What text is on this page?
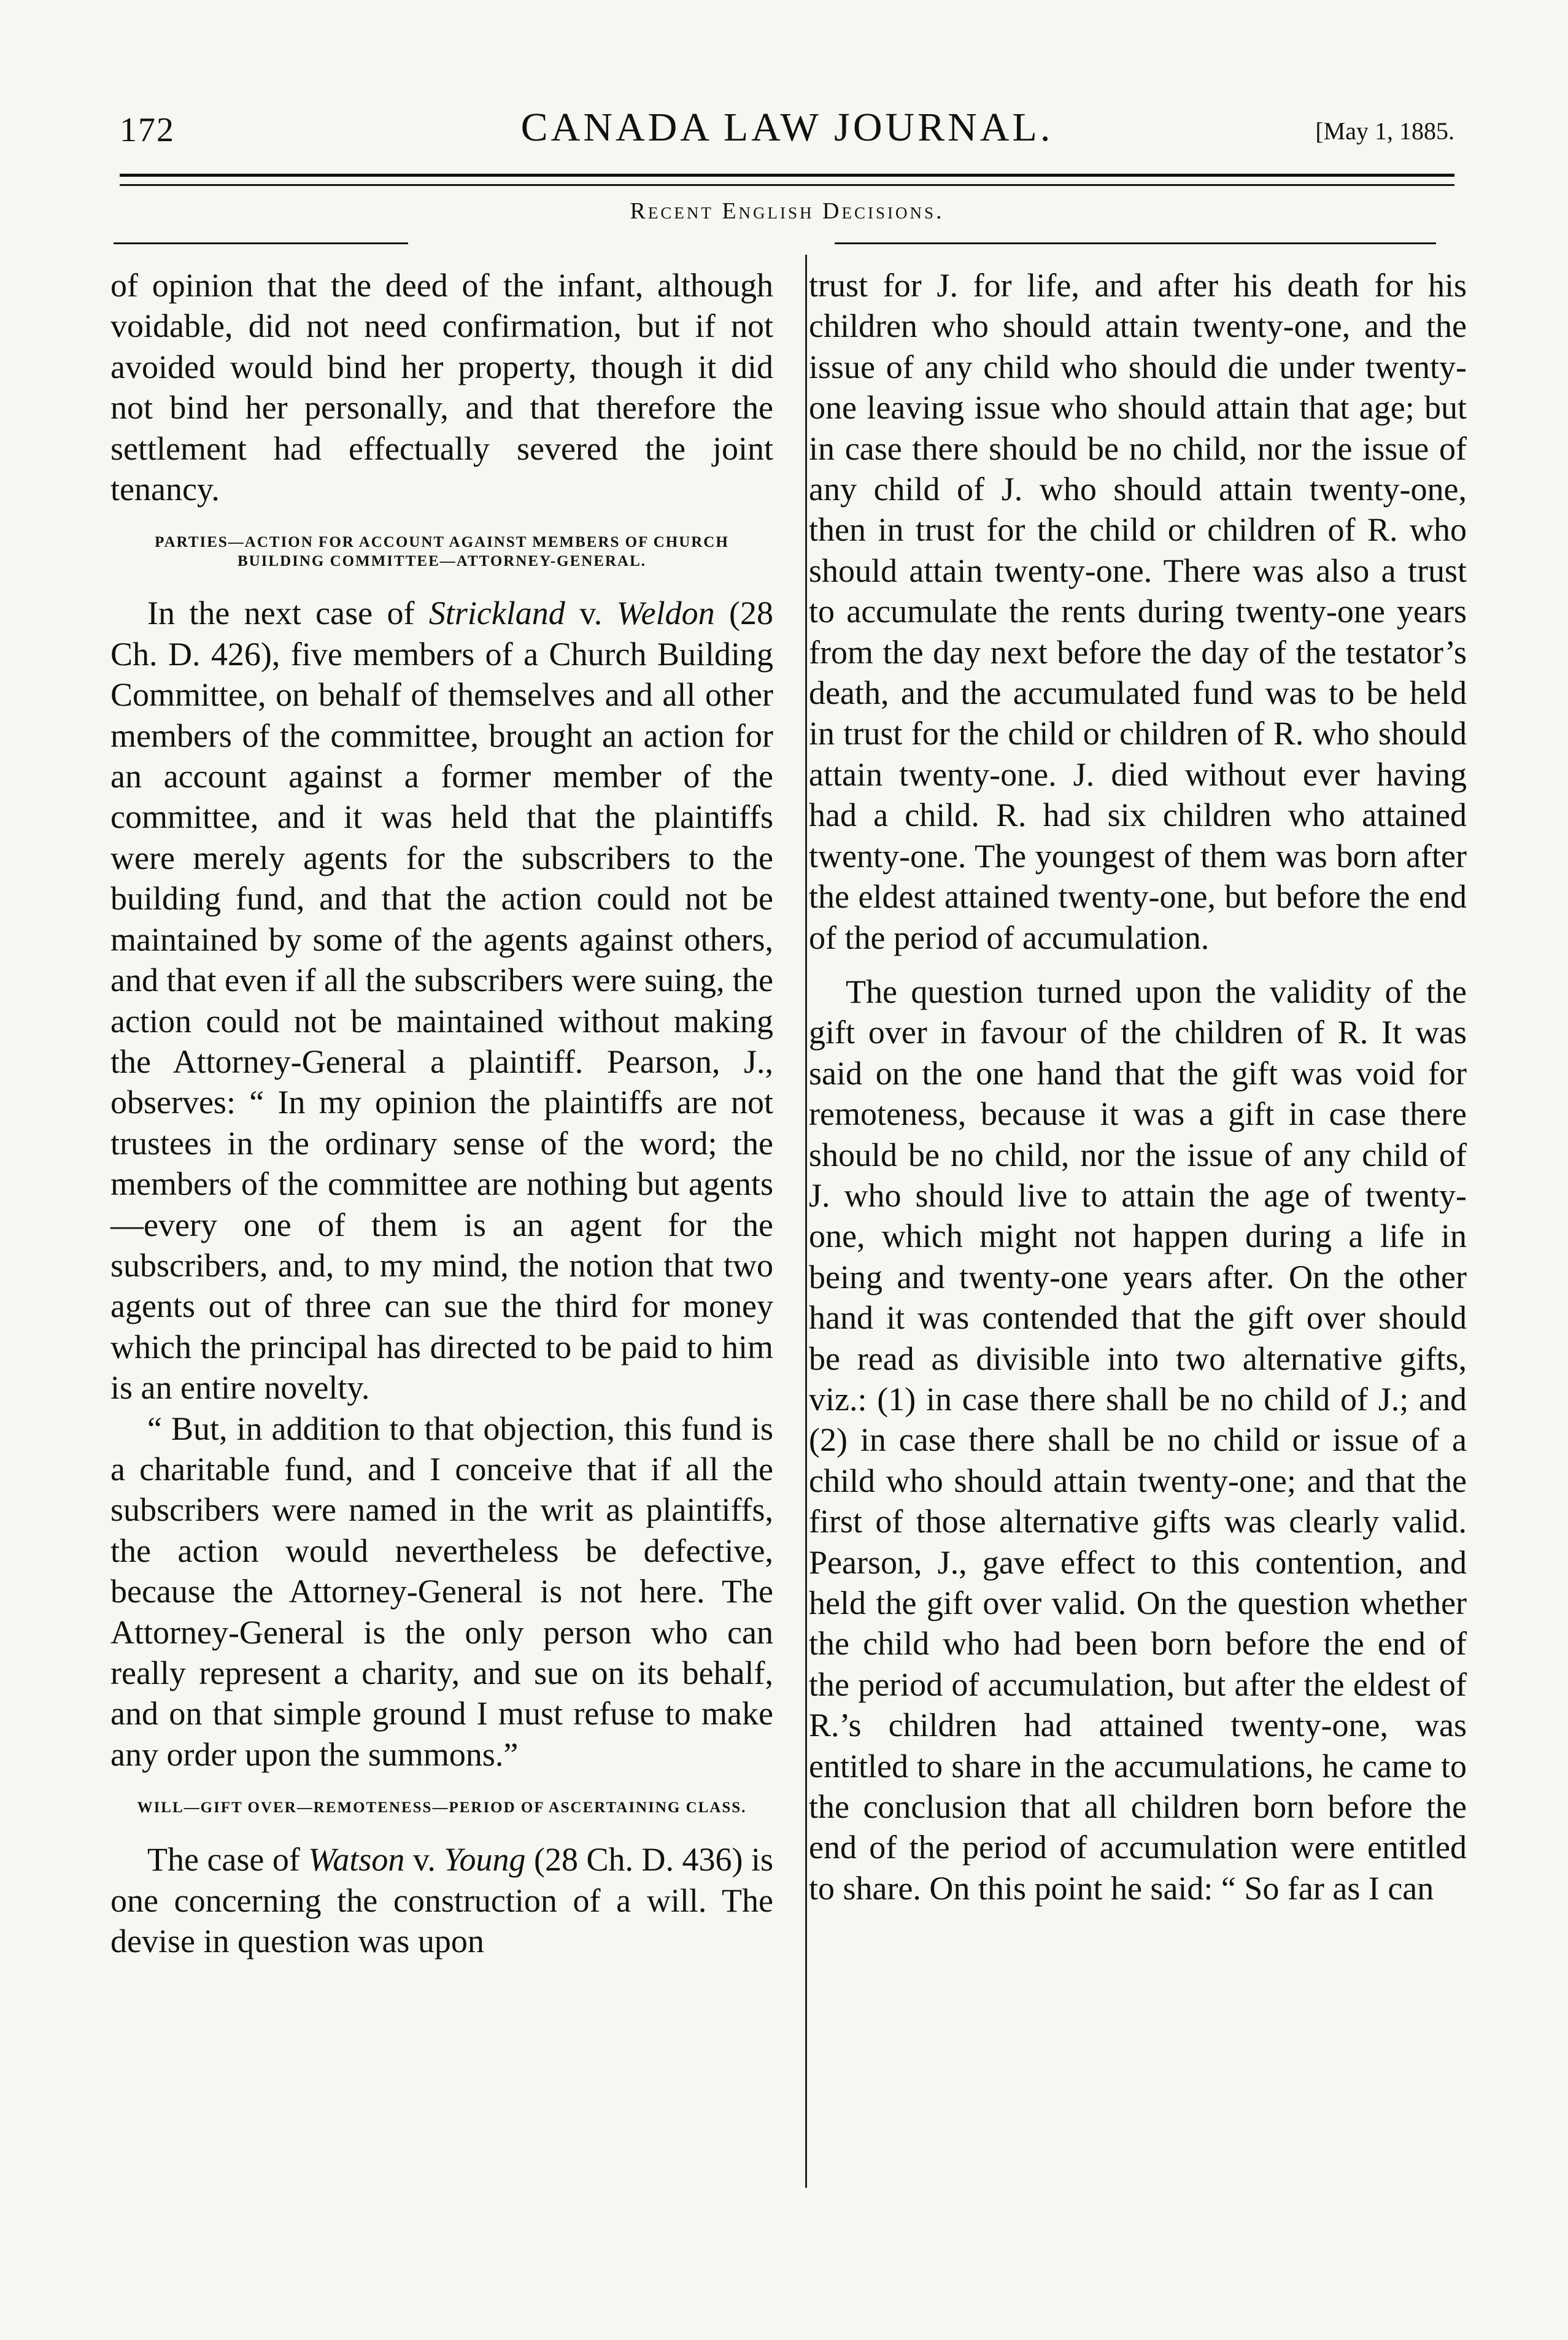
172	CANADA LAW JOURNAL.	[May 1, 1885.
Recent English Decisions.

of opinion that the deed of the infant, although voidable, did not need confirmation, but if not avoided would bind her property, though it did not bind her personally, and that therefore the settlement had effectually severed the joint tenancy.

PARTIES—ACTION FOR ACCOUNT AGAINST MEMBERS OF CHURCH BUILDING COMMITTEE—ATTORNEY-GENERAL.

In the next case of Strickland v. Weldon (28 Ch. D. 426), five members of a Church Building Committee, on behalf of themselves and all other members of the committee, brought an action for an account against a former member of the committee, and it was held that the plaintiffs were merely agents for the subscribers to the building fund, and that the action could not be maintained by some of the agents against others, and that even if all the subscribers were suing, the action could not be maintained without making the Attorney-General a plaintiff. Pearson, J., observes: “ In my opinion the plaintiffs are not trustees in the ordinary sense of the word; the members of the committee are nothing but agents—every one of them is an agent for the subscribers, and, to my mind, the notion that two agents out of three can sue the third for money which the principal has directed to be paid to him is an entire novelty.

“ But, in addition to that objection, this fund is a charitable fund, and I conceive that if all the subscribers were named in the writ as plaintiffs, the action would nevertheless be defective, because the Attorney-General is not here. The Attorney-General is the only person who can really represent a charity, and sue on its behalf, and on that simple ground I must refuse to make any order upon the summons.”

WILL—GIFT OVER—REMOTENESS—PERIOD OF ASCERTAINING CLASS.

The case of Watson v. Young (28 Ch. D. 436) is one concerning the construction of a will. The devise in question was upon

trust for J. for life, and after his death for his children who should attain twenty-one, and the issue of any child who should die under twenty-one leaving issue who should attain that age; but in case there should be no child, nor the issue of any child of J. who should attain twenty-one, then in trust for the child or children of R. who should attain twenty-one. There was also a trust to accumulate the rents during twenty-one years from the day next before the day of the testator’s death, and the accumulated fund was to be held in trust for the child or children of R. who should attain twenty-one. J. died without ever having had a child. R. had six children who attained twenty-one. The youngest of them was born after the eldest attained twenty-one, but before the end of the period of accumulation.

The question turned upon the validity of the gift over in favour of the children of R. It was said on the one hand that the gift was void for remoteness, because it was a gift in case there should be no child, nor the issue of any child of J. who should live to attain the age of twenty-one, which might not happen during a life in being and twenty-one years after. On the other hand it was contended that the gift over should be read as divisible into two alternative gifts, viz.: (1) in case there shall be no child of J.; and (2) in case there shall be no child or issue of a child who should attain twenty-one; and that the first of those alternative gifts was clearly valid. Pearson, J., gave effect to this contention, and held the gift over valid. On the question whether the child who had been born before the end of the period of accumulation, but after the eldest of R.’s children had attained twenty-one, was entitled to share in the accumulations, he came to the conclusion that all children born before the end of the period of accumulation were entitled to share. On this point he said: “ So far as I can
